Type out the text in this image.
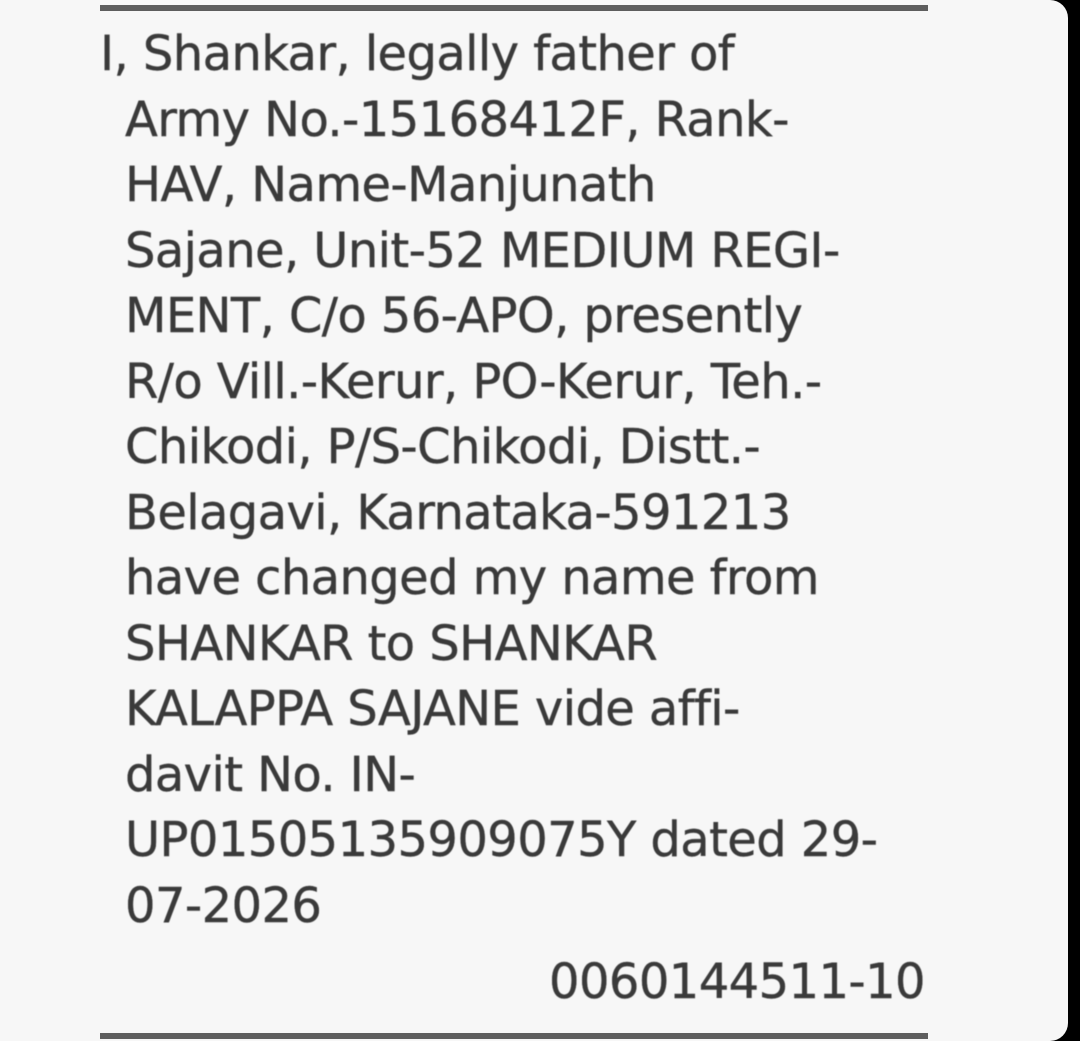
I, Shankar, legally father of
Army No.-15168412F, Rank-
HAV, Name-Manjunath
Sajane, Unit-52 MEDIUM REGI-
MENT, C/o 56-APO, presently
R/o Vill.-Kerur, PO-Kerur, Teh.-
Chikodi, P/S-Chikodi, Distt.-
Belagavi, Karnataka-591213
have changed my name from
SHANKAR to SHANKAR
KALAPPA SAJANE vide affi-
davit No. IN-
UP01505135909075Y dated 29-
07-2026
0060144511-10
